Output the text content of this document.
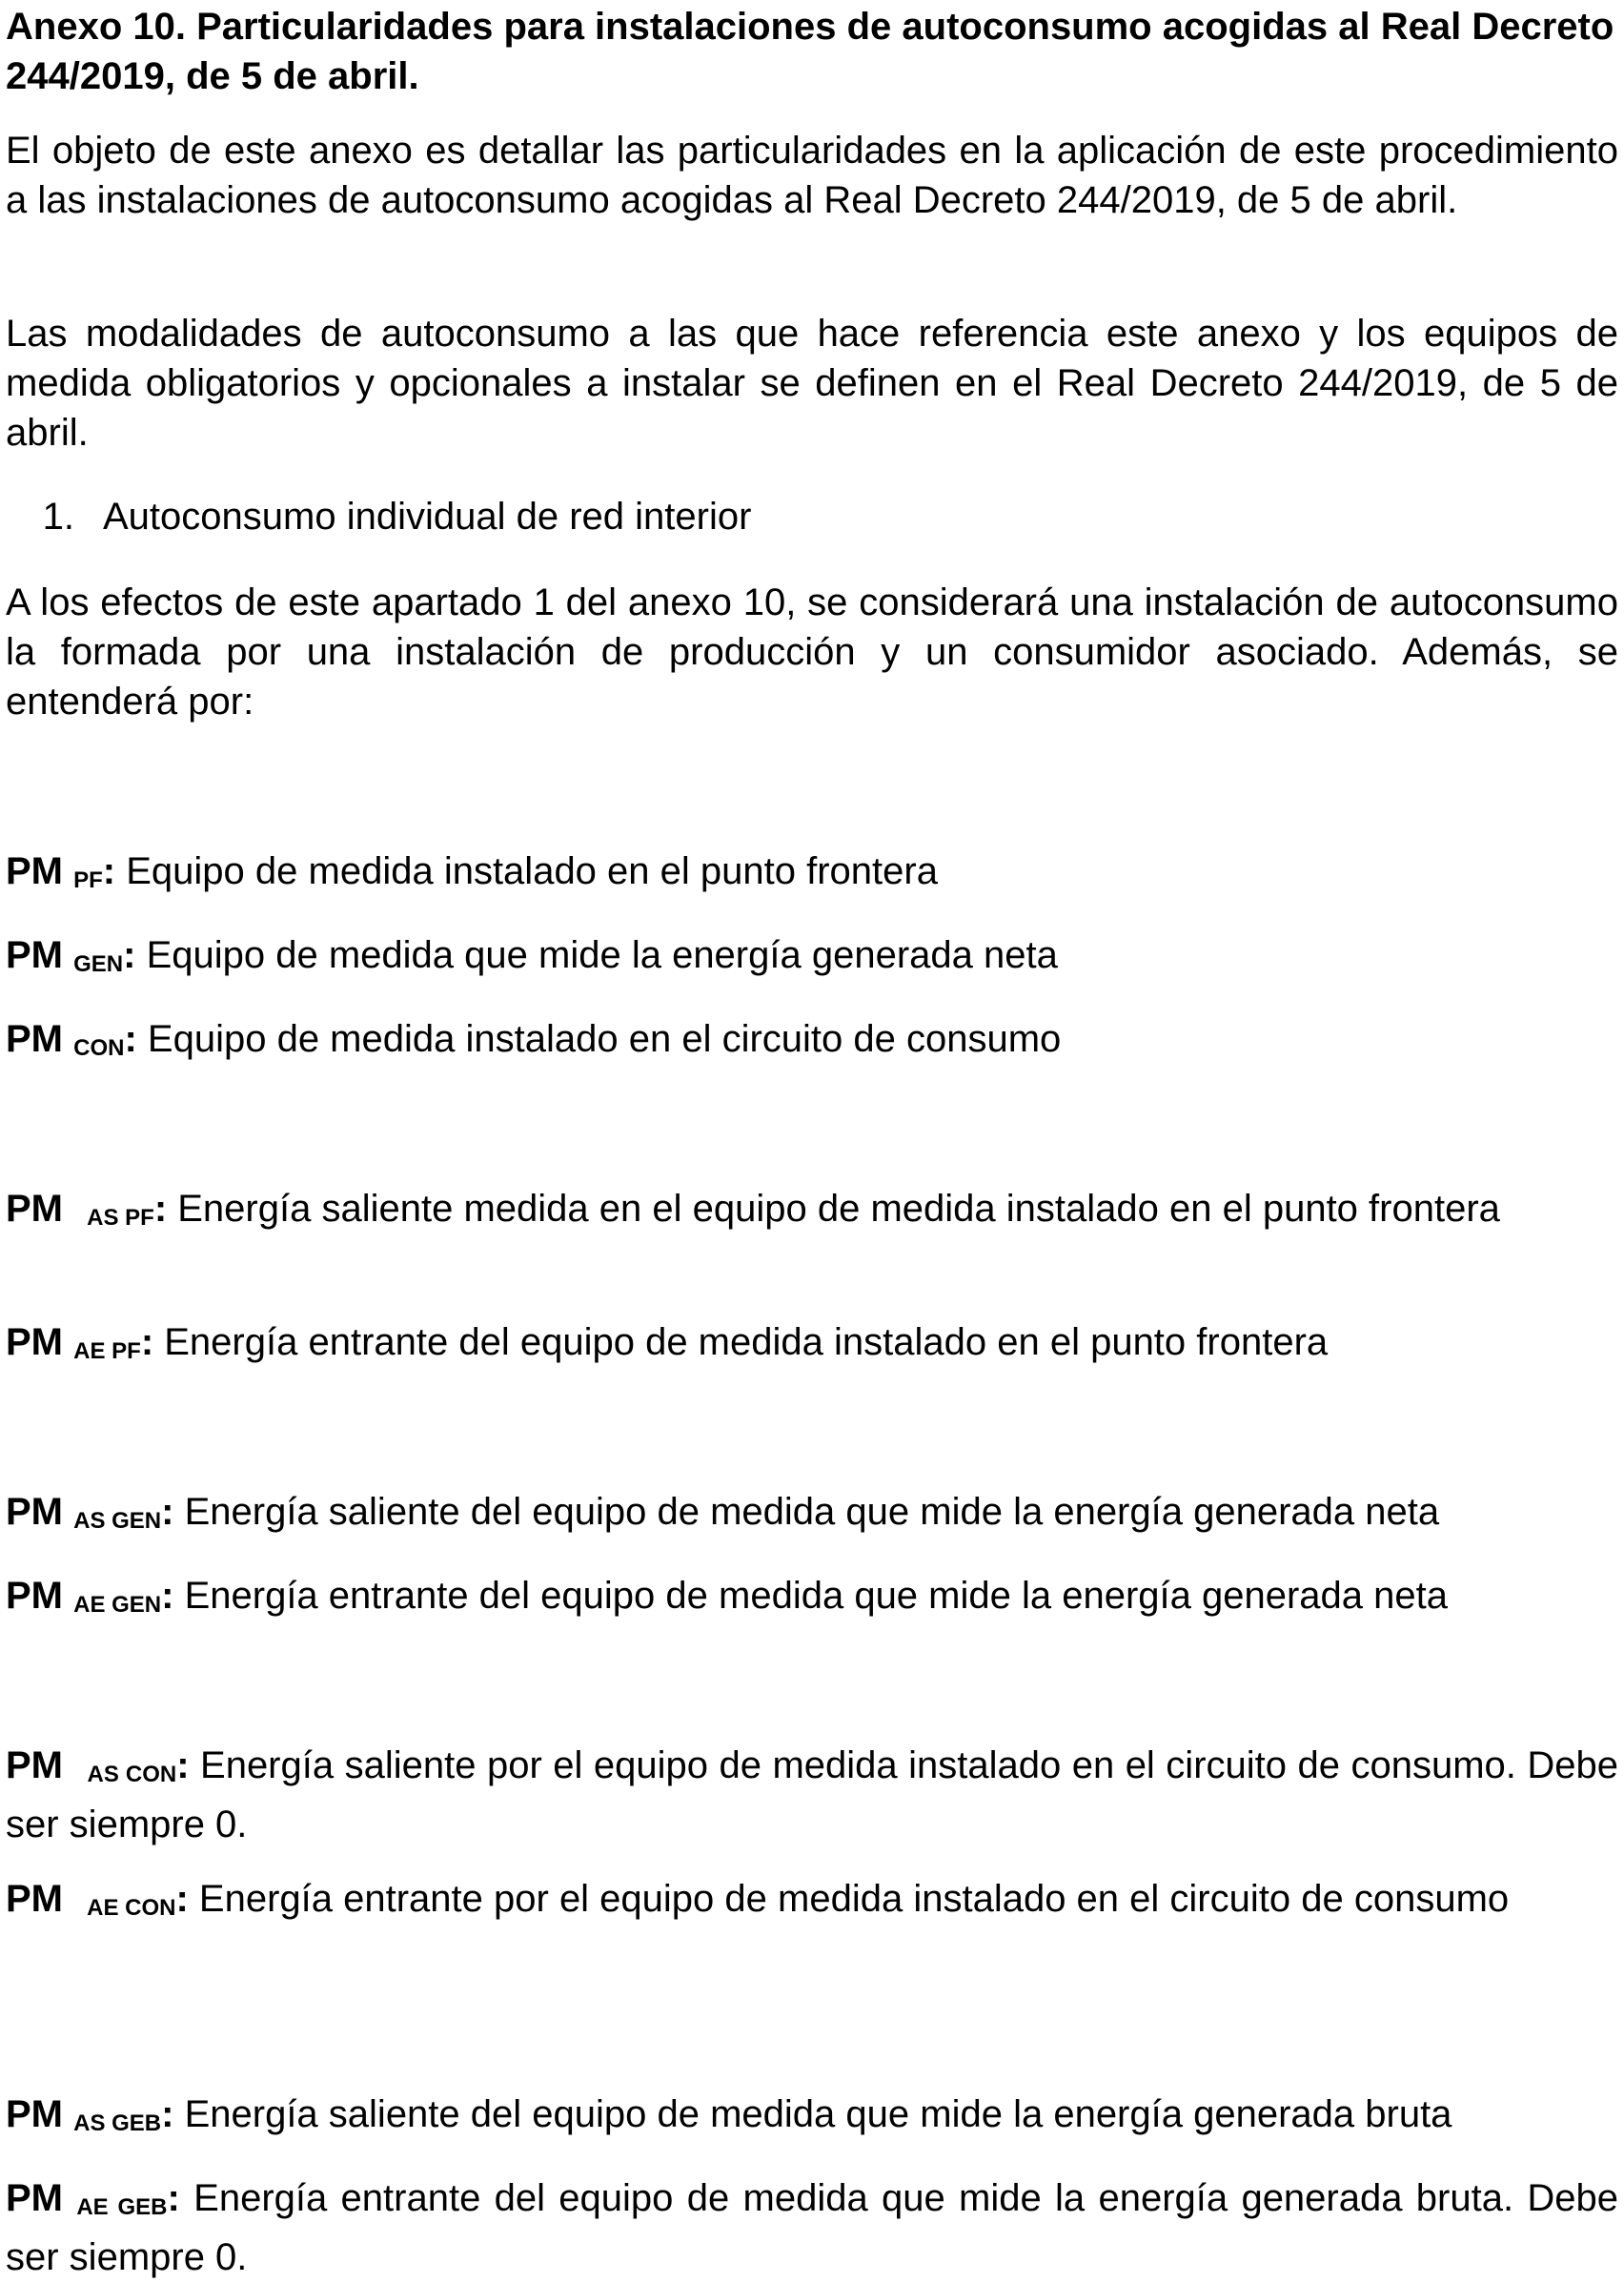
Anexo 10. Particularidades para instalaciones de autoconsumo acogidas al Real Decreto 244/2019, de 5 de abril.

El objeto de este anexo es detallar las particularidades en la aplicación de este procedimiento a las instalaciones de autoconsumo acogidas al Real Decreto 244/2019, de 5 de abril.

Las modalidades de autoconsumo a las que hace referencia este anexo y los equipos de medida obligatorios y opcionales a instalar se definen en el Real Decreto 244/2019, de 5 de abril.

1. Autoconsumo individual de red interior

A los efectos de este apartado 1 del anexo 10, se considerará una instalación de autoconsumo la formada por una instalación de producción y un consumidor asociado. Además, se entenderá por:

PM PF: Equipo de medida instalado en el punto frontera

PM GEN: Equipo de medida que mide la energía generada neta

PM CON: Equipo de medida instalado en el circuito de consumo

PM AS PF: Energía saliente medida en el equipo de medida instalado en el punto frontera

PM AE PF: Energía entrante del equipo de medida instalado en el punto frontera

PM AS GEN: Energía saliente del equipo de medida que mide la energía generada neta

PM AE GEN: Energía entrante del equipo de medida que mide la energía generada neta

PM AS CON: Energía saliente por el equipo de medida instalado en el circuito de consumo. Debe ser siempre 0.

PM AE CON: Energía entrante por el equipo de medida instalado en el circuito de consumo

PM AS GEB: Energía saliente del equipo de medida que mide la energía generada bruta

PM AE GEB: Energía entrante del equipo de medida que mide la energía generada bruta. Debe ser siempre 0.
